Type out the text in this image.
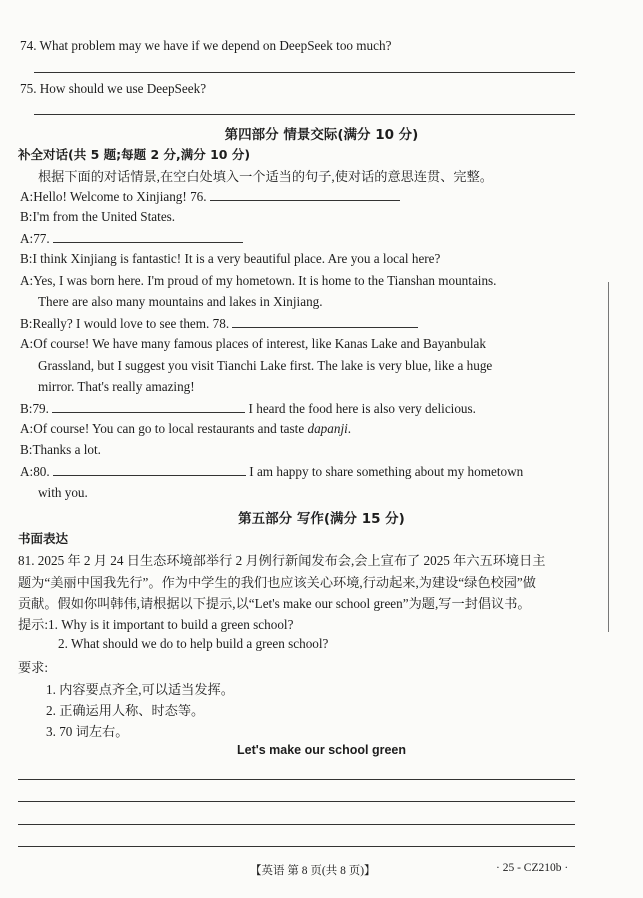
74. What problem may we have if we depend on DeepSeek too much?
75. How should we use DeepSeek?
第四部分 情景交际(满分 10 分)
补全对话(共 5 题;每题 2 分,满分 10 分)
根据下面的对话情景,在空白处填入一个适当的句子,使对话的意思连贯、完整。
A:Hello! Welcome to Xinjiang! 76.
B:I'm from the United States.
A:77.
B:I think Xinjiang is fantastic! It is a very beautiful place. Are you a local here?
A:Yes, I was born here. I'm proud of my hometown. It is home to the Tianshan mountains.
There are also many mountains and lakes in Xinjiang.
B:Really? I would love to see them. 78.
A:Of course! We have many famous places of interest, like Kanas Lake and Bayanbulak
Grassland, but I suggest you visit Tianchi Lake first. The lake is very blue, like a huge
mirror. That's really amazing!
B:79.	I heard the food here is also very delicious.
A:Of course! You can go to local restaurants and taste dapanji.
B:Thanks a lot.
A:80.	I am happy to share something about my hometown
with you.
第五部分 写作(满分 15 分)
书面表达
81. 2025 年 2 月 24 日生态环境部举行 2 月例行新闻发布会,会上宣布了 2025 年六五环境日主
题为“美丽中国我先行”。作为中学生的我们也应该关心环境,行动起来,为建设“绿色校园”做
贡献。假如你叫韩伟,请根据以下提示,以“Let's make our school green”为题,写一封倡议书。
提示:1. Why is it important to build a green school?
2. What should we do to help build a green school?
要求:
1. 内容要点齐全,可以适当发挥。
2. 正确运用人称、时态等。
3. 70 词左右。
Let's make our school green
【英语 第 8 页(共 8 页)】	· 25 - CZ210b ·
